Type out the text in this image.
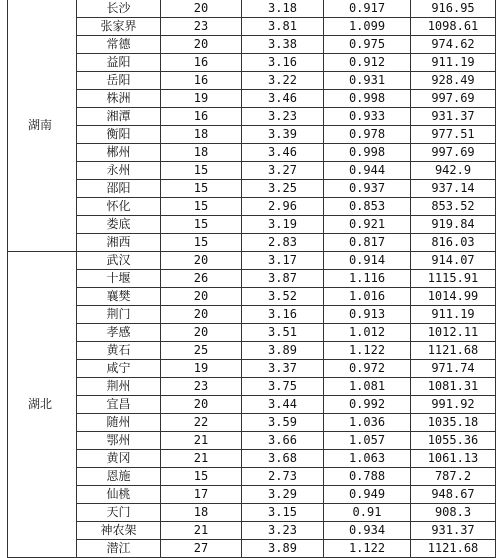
湖南	长沙	20	3.18	0.917	916.95
	张家界	23	3.81	1.099	1098.61
	常德	20	3.38	0.975	974.62
	益阳	16	3.16	0.912	911.19
	岳阳	16	3.22	0.931	928.49
	株洲	19	3.46	0.998	997.69
	湘潭	16	3.23	0.933	931.37
	衡阳	18	3.39	0.978	977.51
	郴州	18	3.46	0.998	997.69
	永州	15	3.27	0.944	942.9
	邵阳	15	3.25	0.937	937.14
	怀化	15	2.96	0.853	853.52
	娄底	15	3.19	0.921	919.84
	湘西	15	2.83	0.817	816.03
湖北	武汉	20	3.17	0.914	914.07
	十堰	26	3.87	1.116	1115.91
	襄樊	20	3.52	1.016	1014.99
	荆门	20	3.16	0.913	911.19
	孝感	20	3.51	1.012	1012.11
	黄石	25	3.89	1.122	1121.68
	咸宁	19	3.37	0.972	971.74
	荆州	23	3.75	1.081	1081.31
	宜昌	20	3.44	0.992	991.92
	随州	22	3.59	1.036	1035.18
	鄂州	21	3.66	1.057	1055.36
	黄冈	21	3.68	1.063	1061.13
	恩施	15	2.73	0.788	787.2
	仙桃	17	3.29	0.949	948.67
	天门	18	3.15	0.91	908.3
	神农架	21	3.23	0.934	931.37
	潜江	27	3.89	1.122	1121.68
